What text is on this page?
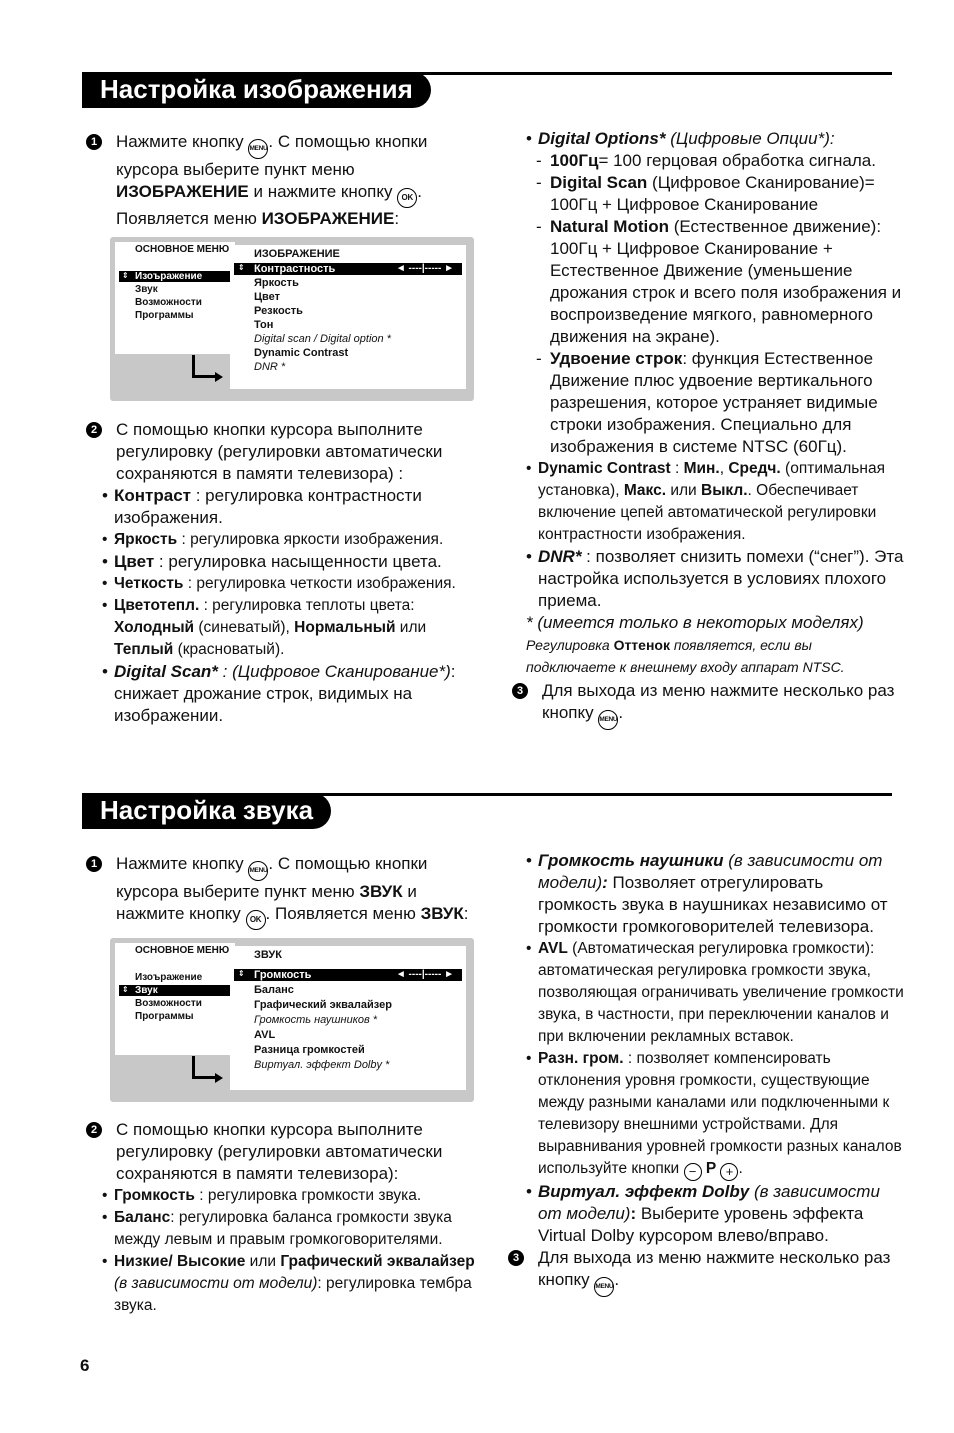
Настройка изображения

1 Нажмите кнопку MENU. С помощью кнопки курсора выберите пункт меню ИЗОБРАЖЕНИЕ и нажмите кнопку OK . Появляется меню ИЗОБРАЖЕНИЕ:

ОСНОВНОЕ МЕНЮ
⇕ Изоъражение
Звук
Возможности
Программы
ИЗОБРАЖЕНИЕ
⇕ Контрастность	◄ ----|----- ►
Яркость
Цвет
Резкость
Тон
Digital scan / Digital option *
Dynamic Contrast
DNR *

2 С помощью кнопки курсора выполните регулировку (регулировки автоматически сохраняются в памяти телевизора) :

• Контраст : регулировка контрастности изображения.

• Яркость : регулировка яркости изображения.

• Цвет : регулировка насыщенности цвета.

• Четкость : регулировка четкости изображения.

• Цветотепл. : регулировка теплоты цвета: Холодный (синеватый), Нормальный или Теплый (красноватый).

• Digital Scan* : (Цифровое Сканирование*): снижает дрожание строк, видимых на изображении.

• Digital Options* (Цифровые Опции*):

- 100Гц= 100 герцовая обработка сигнала.

- Digital Scan (Цифровое Сканирование)= 100Гц + Цифровое Сканирование

- Natural Motion (Естественное движение): 100Гц + Цифровое Сканирование + Естественное Движение (уменьшение дрожания строк и всего поля изображения и воспроизведение мягкого, равномерного движения на экране).

- Удвоение строк: функция Естественное Движение плюс удвоение вертикального разрешения, которое устраняет видимые строки изображения. Специально для изображения в системе NTSC (60Гц).

• Dynamic Contrast : Мин., Средч. (оптимальная установка), Макс. или Выкл.. Обеспечивает включение цепей автоматической регулировки контрастности изображения.

• DNR* : позволяет снизить помехи (“снег”). Эта настройка используется в условиях плохого приема.

* (имеется только в некоторых моделях)

Регулировка Оттенок появляется, если вы подключаете к внешнему входу аппарат NTSC.

3 Для выхода из меню нажмите несколько раз кнопку MENU.

Настройка звука

1 Нажмите кнопку MENU. С помощью кнопки курсора выберите пункт меню ЗВУК и нажмите кнопку OK . Появляется меню ЗВУК:

ОСНОВНОЕ МЕНЮ
Изоъражение
⇕ Звук
Возможности
Программы
ЗВУК
⇕ Громкость	◄ ----|----- ►
Баланс
Графический эквалайзер
Громкость наушников *
AVL
Разница громкостей
Виртуал. эффект Dolby *

2 С помощью кнопки курсора выполните регулировку (регулировки автоматически сохраняются в памяти телевизора):

• Громкость : регулировка громкости звука.

• Баланс: регулировка баланса громкости звука между левым и правым громкоговорителями.

• Низкие/ Высокие или Графический эквалайзер (в зависимости от модели): регулировка тембра звука.

• Громкость наушники (в зависимости от модели): Позволяет отрегулировать громкость звука в наушниках независимо от громкости громкоговорителей телевизора.

• AVL (Автоматическая регулировка громкости): автоматическая регулировка громкости звука, позволяющая ограничивать увеличение громкости звука, в частности, при переключении каналов и при включении рекламных вставок.

• Разн. гром. : позволяет компенсировать отклонения уровня громкости, существующие между разными каналами или подключенными к телевизору внешними устройствами. Для выравнивания уровней громкости разных каналов используйте кнопки − P + .

• Виртуал. эффект Dolby (в зависимости от модели): Выберите уровень эффекта Virtual Dolby курсором влево/вправо.

3 Для выхода из меню нажмите несколько раз кнопку MENU.

6
